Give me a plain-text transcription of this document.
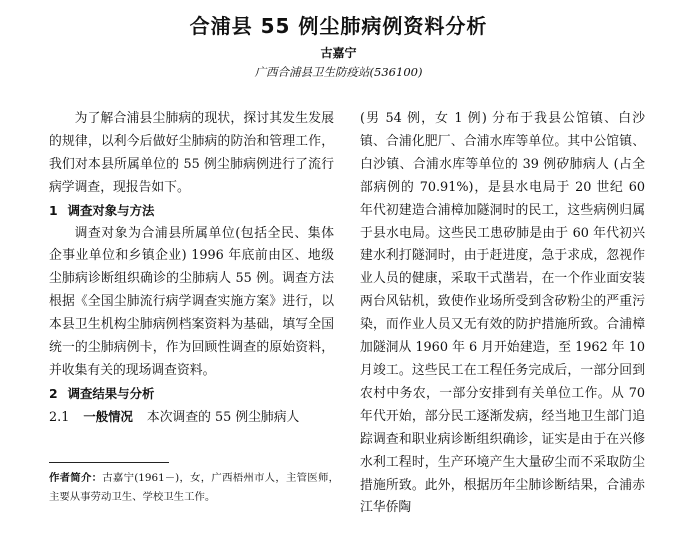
合浦县 55 例尘肺病例资料分析
古嘉宁
广西合浦县卫生防疫站(536100)

为了解合浦县尘肺病的现状，探讨其发生发展的规律，以利今后做好尘肺病的防治和管理工作，我们对本县所属单位的 55 例尘肺病例进行了流行病学调查，现报告如下。

1 调查对象与方法

调查对象为合浦县所属单位(包括全民、集体企事业单位和乡镇企业) 1996 年底前由区、地级尘肺病诊断组织确诊的尘肺病人 55 例。调查方法根据《全国尘肺流行病学调查实施方案》进行，以本县卫生机构尘肺病例档案资料为基础，填写全国统一的尘肺病例卡，作为回顾性调查的原始资料，并收集有关的现场调查资料。

2 调查结果与分析

2.1 一般情况 本次调查的 55 例尘肺病人

作者简介：古嘉宁(1961－)，女，广西梧州市人，主管医师，主要从事劳动卫生、学校卫生工作。

(男 54 例，女 1 例) 分布于我县公馆镇、白沙镇、合浦化肥厂、合浦水库等单位。其中公馆镇、白沙镇、合浦水库等单位的 39 例矽肺病人 (占全部病例的 70.91%)，是县水电局于 20 世纪 60 年代初建造合浦樟加隧洞时的民工，这些病例归属于县水电局。这些民工患矽肺是由于 60 年代初兴建水利打隧洞时，由于赶进度，急于求成，忽视作业人员的健康，采取干式凿岩，在一个作业面安装两台风钻机，致使作业场所受到含矽粉尘的严重污染，而作业人员又无有效的防护措施所致。合浦樟加隧洞从 1960 年 6 月开始建造，至 1962 年 10 月竣工。这些民工在工程任务完成后，一部分回到农村中务农，一部分安排到有关单位工作。从 70 年代开始，部分民工逐渐发病，经当地卫生部门追踪调查和职业病诊断组织确诊，证实是由于在兴修水利工程时，生产环境产生大量矽尘而不采取防尘措施所致。此外，根据历年尘肺诊断结果，合浦赤江华侨陶
